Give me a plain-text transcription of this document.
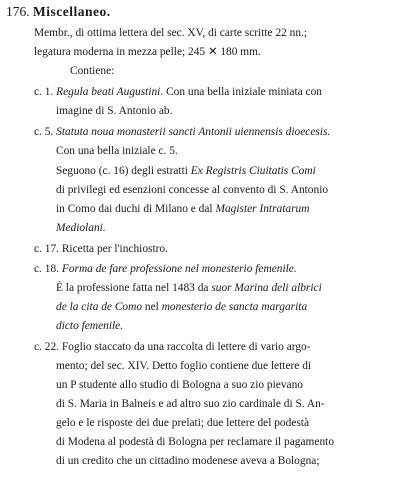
176. Miscellaneo.
Membr., di ottima lettera del sec. XV, di carte scritte 22 nn.;
legatura moderna in mezza pelle; 245 ✕ 180 mm.
Contiene:
c. 1. Regula beati Augustini. Con una bella iniziale miniata con
imagine di S. Antonio ab.
c. 5. Statuta noua monasterii sancti Antonii uiennensis dioecesis.
Con una bella iniziale c. 5.
Seguono (c. 16) degli estratti Ex Registris Ciuitatis Comi
di privilegi ed esenzioni concesse al convento di S. Antonio
in Como dai duchi di Milano e dal Magister Intratarum
Mediolani.
c. 17. Ricetta per l'inchiostro.
c. 18. Forma de fare professione nel monesterio femenile.
È la professione fatta nel 1483 da suor Marina deli albrici
de la cita de Como nel monesterio de sancta margarita
dicto femenile.
c. 22. Foglio staccato da una raccolta di lettere di vario argo-
mento; del sec. XIV. Detto foglio contiene due lettere di
un P studente allo studio di Bologna a suo zio pievano
di S. Maria in Balneis e ad altro suo zio cardinale di S. An-
gelo e le risposte dei due prelati; due lettere del podestà
di Modena al podestà di Bologna per reclamare il pagamento
di un credito che un cittadino modenese aveva a Bologna;
